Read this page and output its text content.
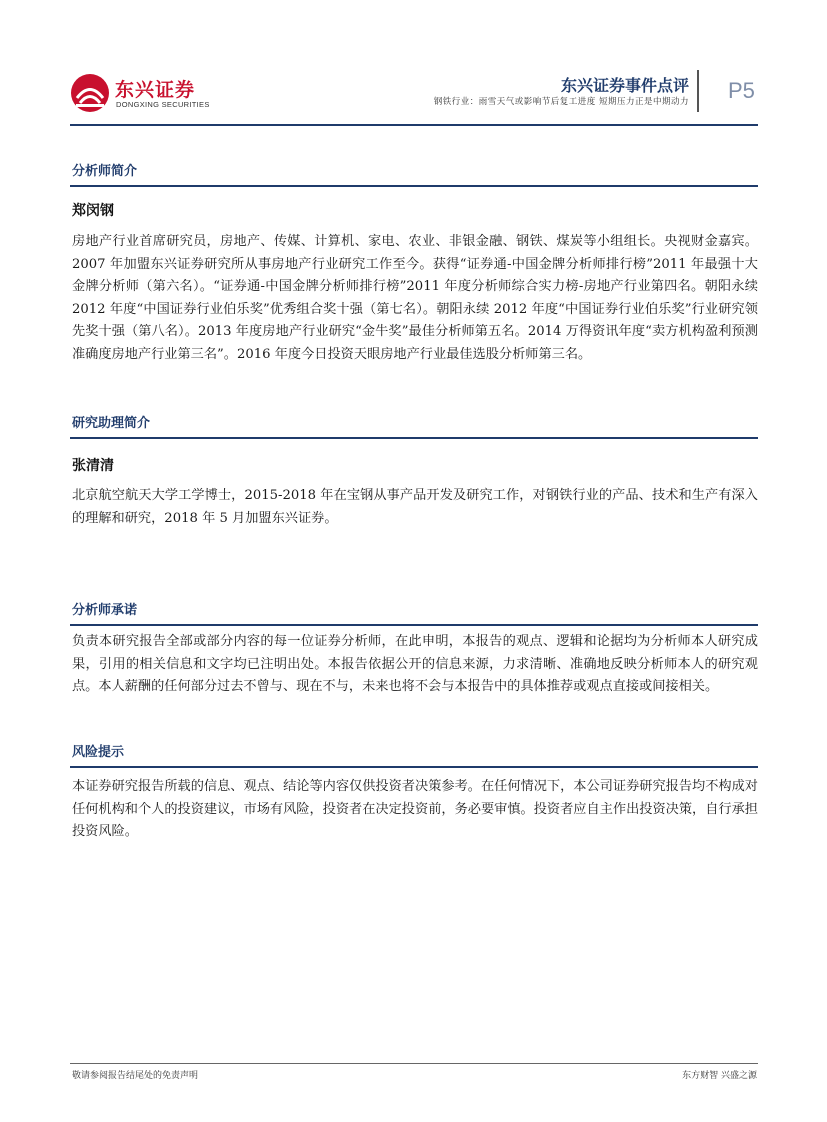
东兴证券
DONGXING SECURITIES
东兴证券事件点评
钢铁行业：雨雪天气或影响节后复工进度 短期压力正是中期动力 P5
分析师简介
郑闵钢

房地产行业首席研究员，房地产、传媒、计算机、家电、农业、非银金融、钢铁、煤炭等小组组长。央视财金嘉宾。2007 年加盟东兴证券研究所从事房地产行业研究工作至今。获得“证券通-中国金牌分析师排行榜”2011 年最强十大金牌分析师（第六名）。“证券通-中国金牌分析师排行榜”2011 年度分析师综合实力榜-房地产行业第四名。朝阳永续 2012 年度“中国证券行业伯乐奖”优秀组合奖十强（第七名）。朝阳永续 2012 年度“中国证券行业伯乐奖”行业研究领先奖十强（第八名）。2013 年度房地产行业研究“金牛奖”最佳分析师第五名。2014 万得资讯年度“卖方机构盈利预测准确度房地产行业第三名”。2016 年度今日投资天眼房地产行业最佳选股分析师第三名。

研究助理简介
张清清

北京航空航天大学工学博士，2015-2018 年在宝钢从事产品开发及研究工作，对钢铁行业的产品、技术和生产有深入的理解和研究，2018 年 5 月加盟东兴证券。

分析师承诺

负责本研究报告全部或部分内容的每一位证券分析师，在此申明，本报告的观点、逻辑和论据均为分析师本人研究成果，引用的相关信息和文字均已注明出处。本报告依据公开的信息来源，力求清晰、准确地反映分析师本人的研究观点。本人薪酬的任何部分过去不曾与、现在不与，未来也将不会与本报告中的具体推荐或观点直接或间接相关。

风险提示

本证券研究报告所载的信息、观点、结论等内容仅供投资者决策参考。在任何情况下，本公司证券研究报告均不构成对任何机构和个人的投资建议，市场有风险，投资者在决定投资前，务必要审慎。投资者应自主作出投资决策，自行承担投资风险。

敬请参阅报告结尾处的免责声明	东方财智 兴盛之源
